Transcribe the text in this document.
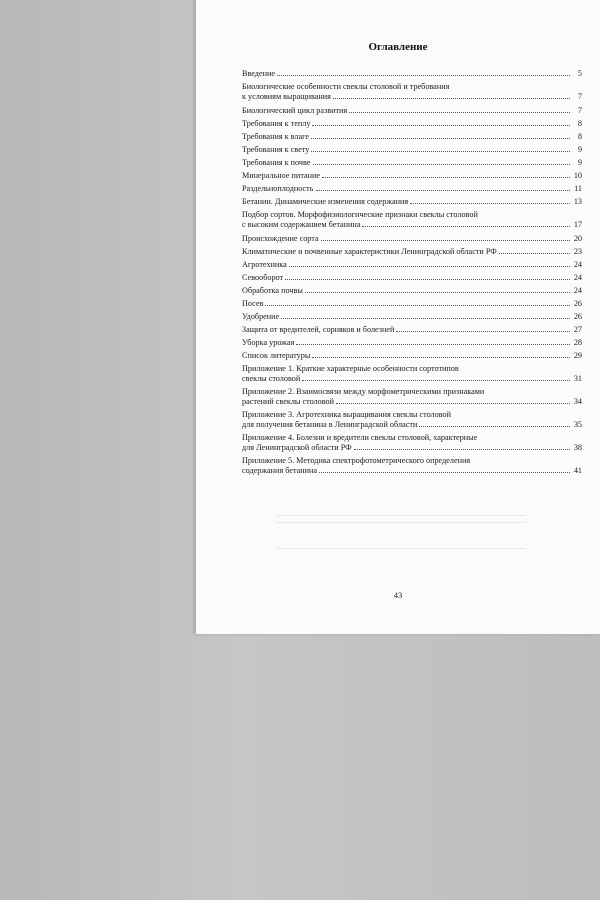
Оглавление
Введение	5
Биологические особенности свеклы столовой и требования
к условиям выращивания	7
Биологический цикл развития	7
Требования к теплу	8
Требования к влаге	8
Требования к свету	9
Требования к почве	9
Минеральное питание	10
Раздельноплодность	11
Бетанин. Динамические изменения содержания	13
Подбор сортов. Морфофизиологические признаки свеклы столовой
с высоким содержанием бетанина	17
Происхождение сорта	20
Климатические и почвенные характеристики Ленинградской области РФ	23
Агротехника	24
Севооборот	24
Обработка почвы	24
Посев	26
Удобрение	26
Защита от вредителей, сорняков и болезней	27
Уборка урожая	28
Список литературы	29
Приложение 1. Краткие характерные особенности сортотипов
свеклы столовой	31
Приложение 2. Взаимосвязи между морфометрическими признаками
растений свеклы столовой	34
Приложение 3. Агротехника выращивания свеклы столовой
для получения бетанина в Ленинградской области	35
Приложение 4. Болезни и вредители свеклы столовой, характерные
для Ленинградской области РФ	38
Приложение 5. Методика спектрофотометрического определения
содержания бетанина	41
43
